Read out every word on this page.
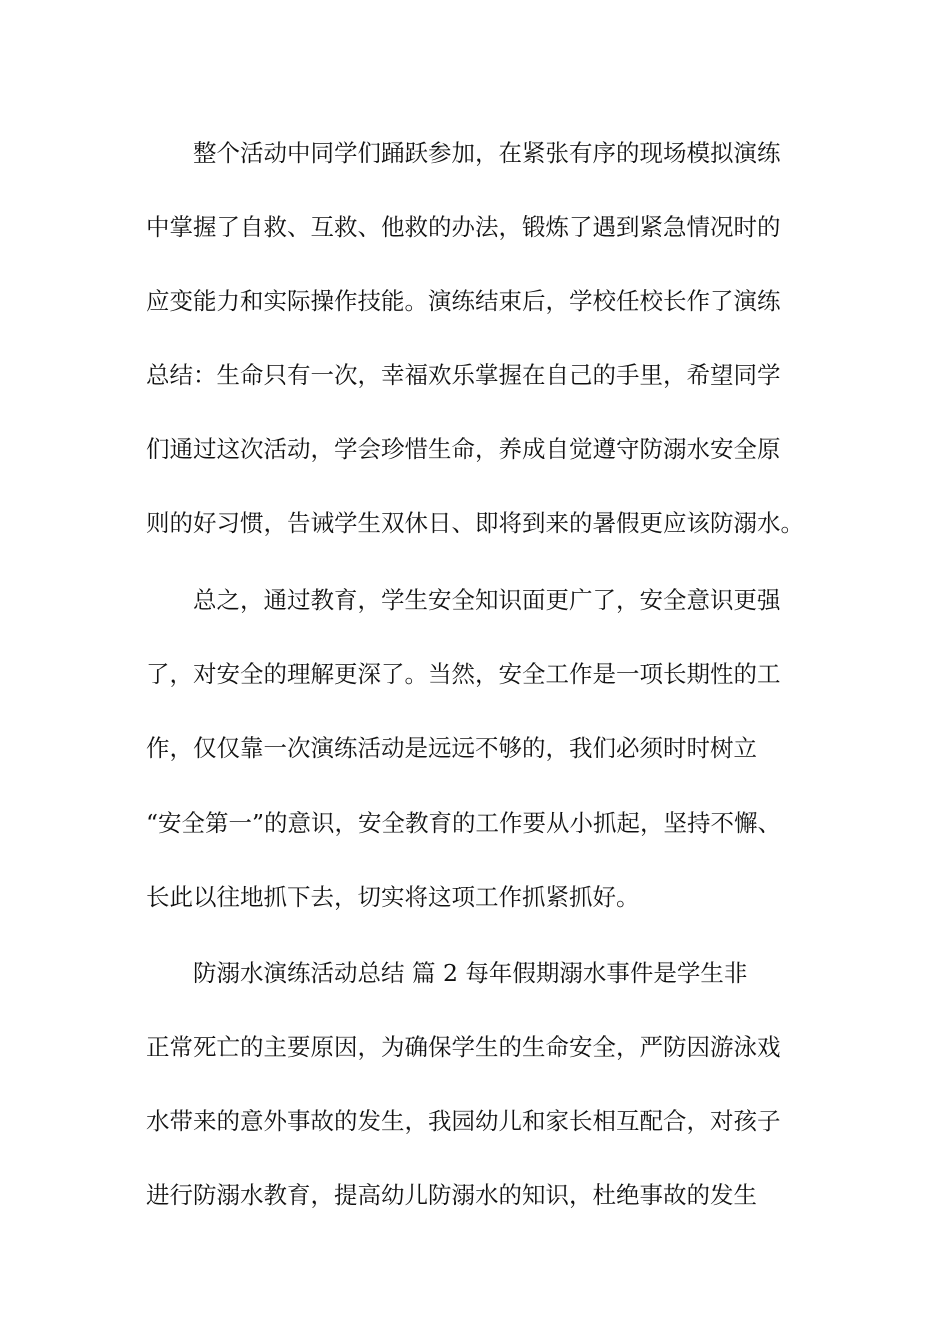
整个活动中同学们踊跃参加，在紧张有序的现场模拟演练
中掌握了自救、互救、他救的办法，锻炼了遇到紧急情况时的
应变能力和实际操作技能。演练结束后，学校任校长作了演练
总结：生命只有一次，幸福欢乐掌握在自己的手里，希望同学
们通过这次活动，学会珍惜生命，养成自觉遵守防溺水安全原
则的好习惯，告诫学生双休日、即将到来的暑假更应该防溺水。
总之，通过教育，学生安全知识面更广了，安全意识更强
了，对安全的理解更深了。当然，安全工作是一项长期性的工
作，仅仅靠一次演练活动是远远不够的，我们必须时时树立
“安全第一”的意识，安全教育的工作要从小抓起，坚持不懈、
长此以往地抓下去，切实将这项工作抓紧抓好。
防溺水演练活动总结 篇 2 每年假期溺水事件是学生非
正常死亡的主要原因，为确保学生的生命安全，严防因游泳戏
水带来的意外事故的发生，我园幼儿和家长相互配合，对孩子
进行防溺水教育，提高幼儿防溺水的知识，杜绝事故的发生
